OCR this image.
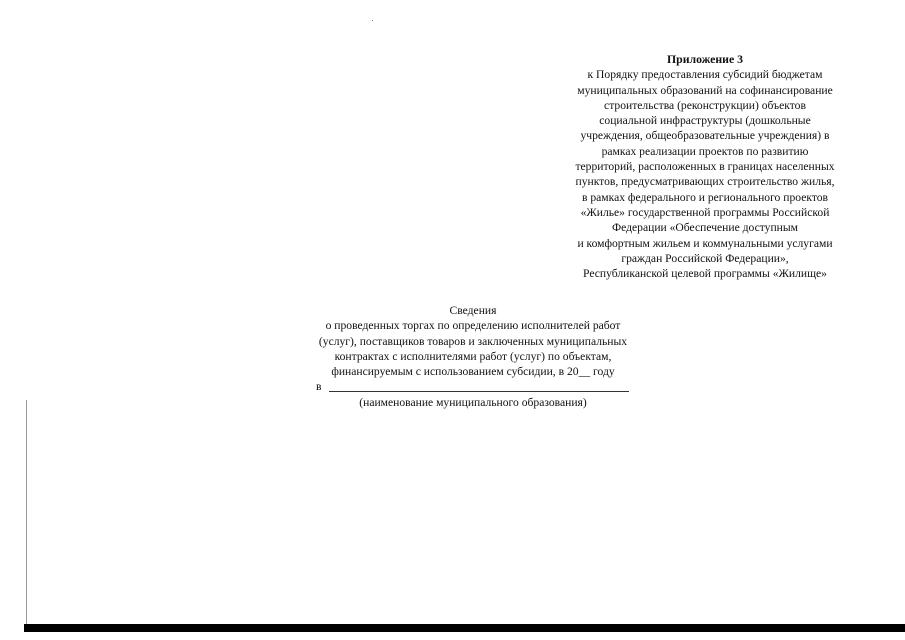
Приложение 3
к Порядку предоставления субсидий бюджетам
муниципальных образований на софинансирование
строительства (реконструкции) объектов
социальной инфраструктуры (дошкольные
учреждения, общеобразовательные учреждения) в
рамках реализации проектов по развитию
территорий, расположенных в границах населенных
пунктов, предусматривающих строительство жилья,
в рамках федерального и регионального проектов
«Жилье» государственной программы Российской
Федерации «Обеспечение доступным
и комфортным жильем и коммунальными услугами
граждан Российской Федерации»,
Республиканской целевой программы «Жилище»
Сведения
о проведенных торгах по определению исполнителей работ
(услуг), поставщиков товаров и заключенных муниципальных
контрактах с исполнителями работ (услуг) по объектам,
финансируемым с использованием субсидии, в 20__ году
в
(наименование муниципального образования)
